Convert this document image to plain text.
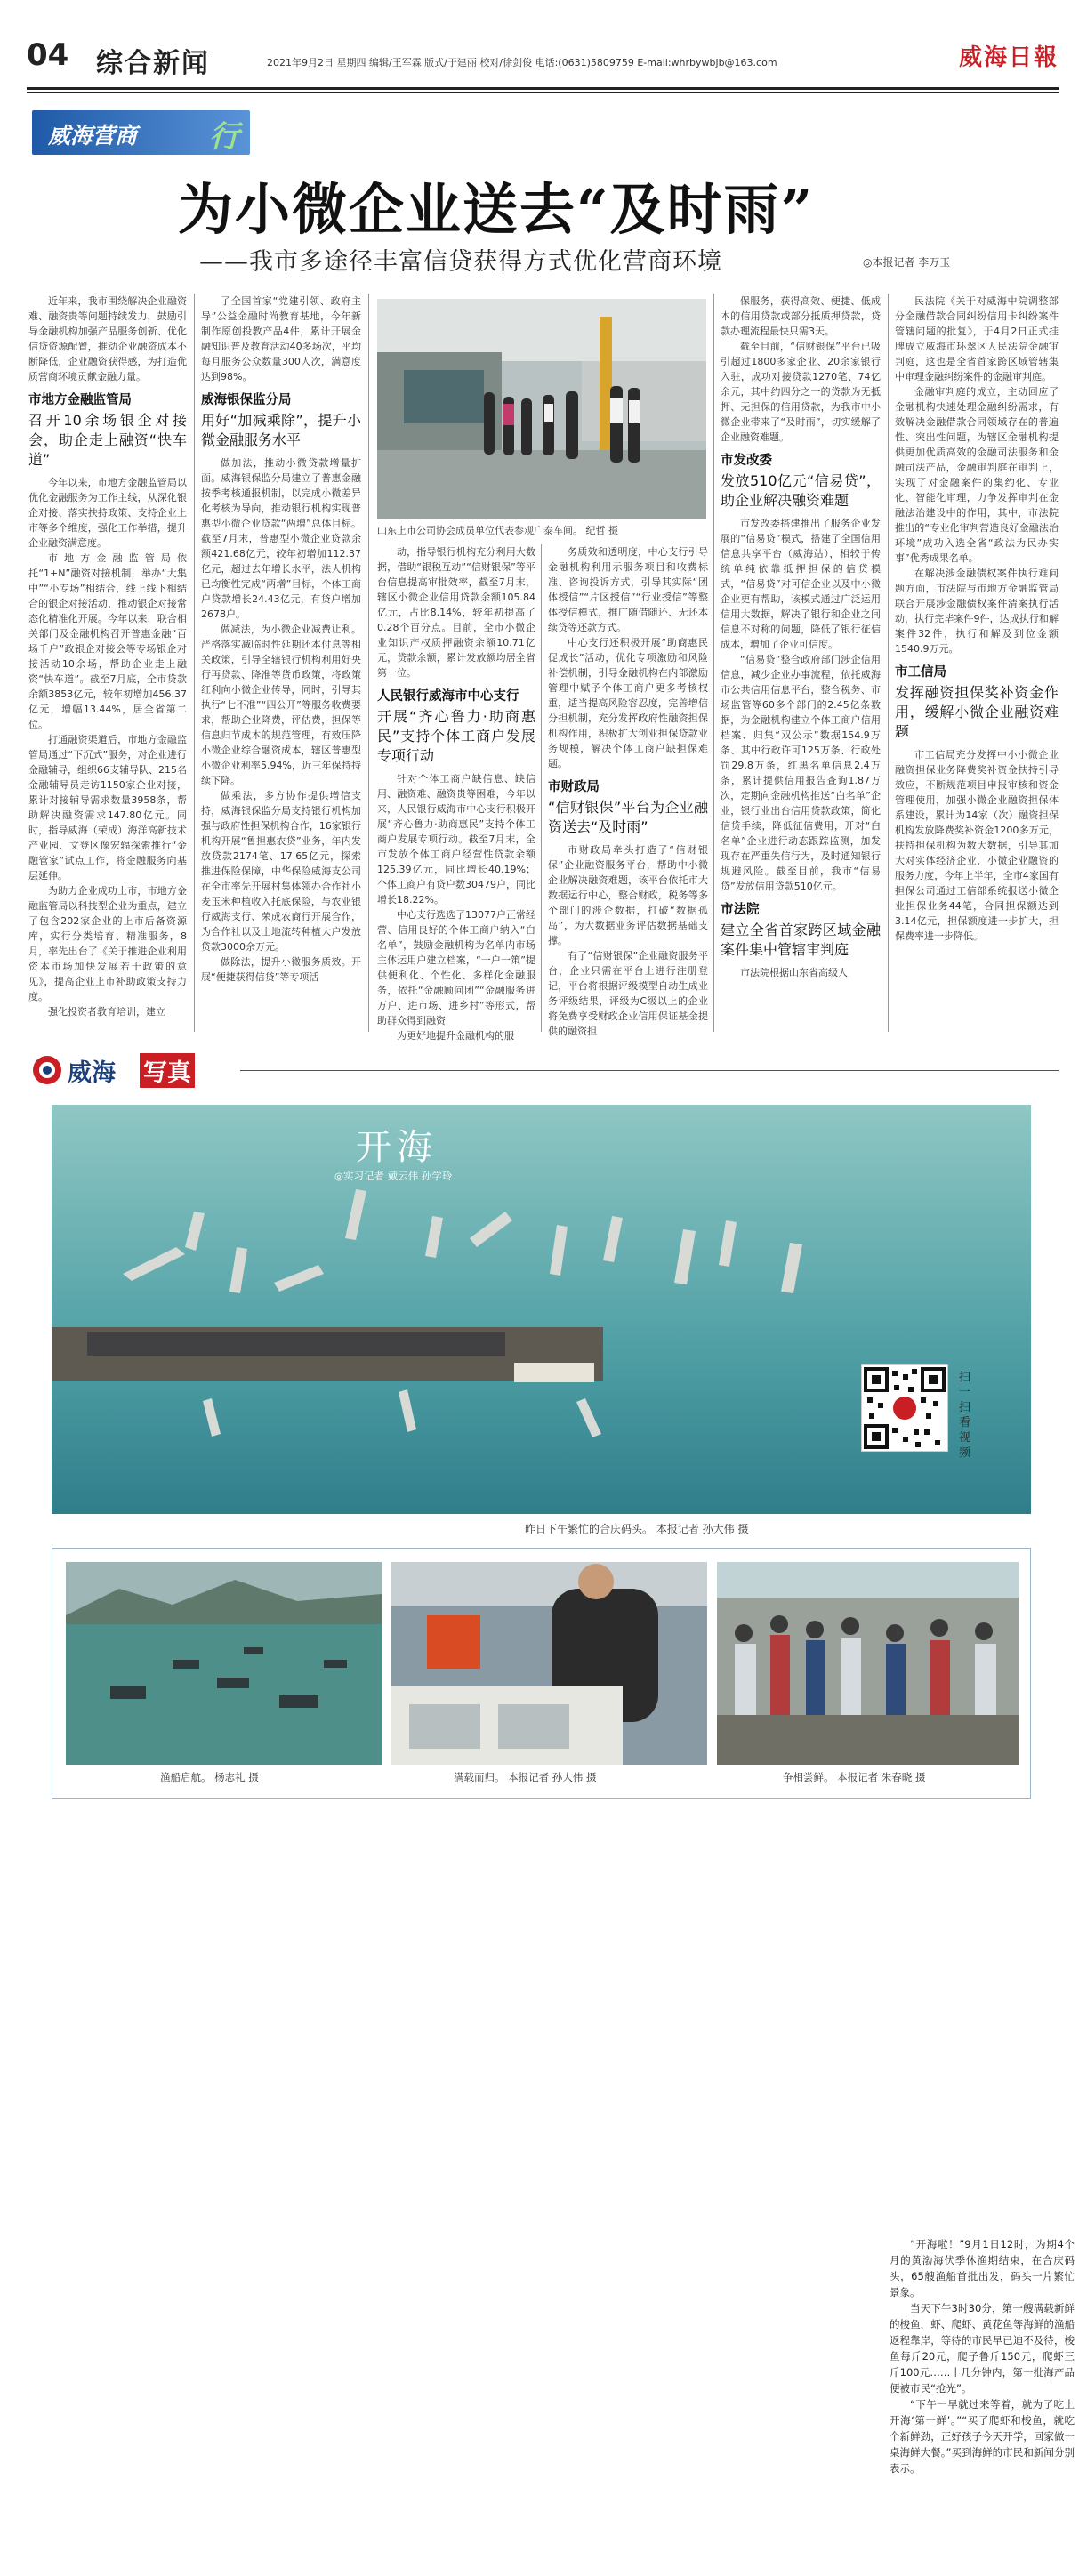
04 综合新闻	2021年9月2日 星期四 编辑/王军霖 版式/于建丽 校对/徐剑俊 电话:(0631)5809759 E-mail:whrbywbjb@163.com	威海日報
威海营商 行
为小微企业送去“及时雨”
——我市多途径丰富信贷获得方式优化营商环境	◎本报记者 李万玉

近年来，我市围绕解决企业融资难、融资贵等问题持续发力，鼓励引导金融机构加强产品服务创新、优化信贷资源配置，推动企业融资成本不断降低，企业融资获得感，为打造优质营商环境贡献金融力量。

市地方金融监管局
召开10余场银企对接会，助企走上融资“快车道”

今年以来，市地方金融监管局以优化金融服务为工作主线，从深化银企对接、落实扶持政策、支持企业上市等多个维度，强化工作举措，提升企业融资满意度。

市地方金融监管局依托“1+N”融资对接机制，举办“大集中”“小专场”相结合，线上线下相结合的银企对接活动，推动银企对接常态化精准化开展。今年以来，联合相关部门及金融机构召开普惠金融“百场千户”政银企对接会等专场银企对接活动10余场，帮助企业走上融资“快车道”。截至7月底，全市贷款余额3853亿元，较年初增加456.37亿元，增幅13.44%，居全省第二位。

打通融资渠道后，市地方金融监管局通过“下沉式”服务，对企业进行金融辅导，组织66支辅导队、215名金融辅导员走访1150家企业对接，累计对接辅导需求数量3958条，帮助解决融资需求147.80亿元。同时，指导威海（荣成）海洋高新技术产业园、文登区像宏辐探索推行“金融管家”试点工作，将金融服务向基层延伸。

为助力企业成功上市，市地方金融监管局以科技型企业为重点，建立了包含202家企业的上市后备资源库，实行分类培育、精准服务，8月，率先出台了《关于推进企业利用资本市场加快发展若干政策的意见》，提高企业上市补助政策支持力度。

强化投资者教育培训，建立

了全国首家“党建引领、政府主导”公益金融时尚教育基地，今年新制作原创投教产品4件，累计开展金融知识普及教育活动40多场次，平均每月服务公众数量300人次，满意度达到98%。

威海银保监分局
用好“加减乘除”，提升小微金融服务水平

做加法，推动小微贷款增量扩面。威海银保监分局建立了普惠金融按季考核通报机制，以完成小微差异化考核为导向，推动银行机构实现普惠型小微企业贷款“两增”总体目标。截至7月末，普惠型小微企业贷款余额421.68亿元，较年初增加112.37亿元，超过去年增长水平，法人机构已均衡性完成“两增”目标，个体工商户贷款增长24.43亿元，有贷户增加2678户。

做减法，为小微企业减费让利。严格落实减临时性延期还本付息等相关政策，引导全辖银行机构利用好央行再贷款、降准等货币政策，将政策红利向小微企业传导，同时，引导其执行“七不准”“四公开”等服务收费要求，帮助企业降费，评估费，担保等信息归节成本的规范管理，有效压降小微企业综合融资成本，辖区普惠型小微企业利率5.94%，近三年保持持续下降。

做乘法，多方协作提供增信支持，威海银保监分局支持银行机构加强与政府性担保机构合作，16家银行机构开展“鲁担惠农贷”业务，年内发放贷款2174笔、17.65亿元，探索推进保险保障，中华保险威海支公司在全市率先开展村集体领办合作社小麦玉米种植收入托底保险，与农业银行威海支行、荣成农商行开展合作，为合作社以及土地流转种植大户发放贷款3000余万元。

做除法，提升小微服务质效。开展“便捷获得信贷”等专项活

山东上市公司协会成员单位代表参观广泰车间。 纪哲 摄

动，指导银行机构充分利用大数据，借助“银税互动”“信财银保”等平台信息提高审批效率，截至7月末，辖区小微企业信用贷款余额105.84亿元，占比8.14%，较年初提高了0.28个百分点。目前，全市小微企业知识产权质押融资余额10.71亿元，贷款余额，累计发放额均居全省第一位。

人民银行威海市中心支行
开展“齐心鲁力·助商惠民”支持个体工商户发展专项行动

针对个体工商户缺信息、缺信用、融资难、融资贵等困难，今年以来，人民银行威海市中心支行积极开展“齐心鲁力·助商惠民”支持个体工商户发展专项行动。截至7月末，全市发放个体工商户经营性贷款余额125.39亿元，同比增长40.19%；个体工商户有贷户数30479户，同比增长18.22%。

中心支行选选了13077户正常经营、信用良好的个体工商户纳入“白名单”，鼓励金融机构为名单内市场主体运用户建立档案，“一户一策”提供便利化、个性化、多样化金融服务，依托“金融顾问团”“金融服务进万户、进市场、进乡村”等形式，帮助群众得到融资

为更好地提升金融机构的服

务质效和透明度，中心支行引导金融机构利用示服务项目和收费标准、咨询投诉方式，引导其实际“团体授信”“片区授信”“行业授信”等整体授信模式，推广随借随还、无还本续贷等还款方式。

中心支行还积极开展“助商惠民促成长”活动，优化专项激励和风险补偿机制，引导金融机构在内部激励管理中赋予个体工商户更多考核权重，适当提高风险容忍度，完善增信分担机制，充分发挥政府性融资担保机构作用，积极扩大创业担保贷款业务规模，解决个体工商户缺担保难题。

市财政局
“信财银保”平台为企业融资送去“及时雨”

市财政局牵头打造了“信财银保”企业融资服务平台，帮助中小微企业解决融资难题，该平台依托市大数据运行中心，整合财政，税务等多个部门的涉企数据，打破“数据孤岛”，为大数据业务评估数据基础支撑。

有了“信财银保”企业融资服务平台，企业只需在平台上进行注册登记，平台将根据评级模型自动生成业务评级结果，评级为C级以上的企业将免费享受财政企业信用保证基金提供的融资担

保服务，获得高效、便捷、低成本的信用贷款或部分抵质押贷款，贷款办理流程最快只需3天。

截至目前，“信财银保”平台已吸引超过1800多家企业、20余家银行入驻，成功对接贷款1270笔、74亿余元，其中约四分之一的贷款为无抵押、无担保的信用贷款，为我市中小微企业带来了“及时雨”，切实缓解了企业融资难题。

市发改委
发放510亿元“信易贷”，助企业解决融资难题

市发改委搭建推出了服务企业发展的“信易贷”模式，搭建了全国信用信息共享平台（威海站），相较于传统单纯依靠抵押担保的信贷模式，“信易贷”对可信企业以及中小微企业更有帮助，该模式通过广泛运用信用大数据，解决了银行和企业之间信息不对称的问题，降低了银行征信成本，增加了企业可信度。

“信易贷”整合政府部门涉企信用信息，减少企业办事流程，依托威海市公共信用信息平台，整合税务、市场监管等60多个部门的2.45亿条数据，为金融机构建立个体工商户信用档案、归集“双公示”数据154.9万条、其中行政许可125万条、行政处罚29.8万条，红黑名单信息2.4万条，累计提供信用报告查询1.87万次，定期向金融机构推送“白名单”企业，银行业出台信用贷款政策，简化信贷手续，降低征信费用，开对“白名单”企业进行动态跟踪监测，加发现存在严重失信行为，及时通知银行规避风险。截至目前，我市“信易贷”发放信用贷款510亿元。

市法院
建立全省首家跨区域金融案件集中管辖审判庭

市法院根据山东省高级人

民法院《关于对威海中院调整部分金融借款合同纠纷信用卡纠纷案件管辖问题的批复》，于4月2日正式挂牌成立威海市环翠区人民法院金融审判庭，这也是全省首家跨区域管辖集中审理金融纠纷案件的金融审判庭。

金融审判庭的成立，主动回应了金融机构快速处理金融纠纷需求，有效解决金融借款合同领域存在的普遍性、突出性问题，为辖区金融机构提供更加优质高效的金融司法服务和金融司法产品，金融审判庭在审判上，实现了对金融案件的集约化、专业化、智能化审理，力争发挥审判在金融法治建设中的作用，其中，市法院推出的“专业化审判营造良好金融法治环境”成功入选全省“政法为民办实事”优秀成果名单。

在解决涉金融债权案件执行难问题方面，市法院与市地方金融监管局联合开展涉金融债权案件清案执行活动，执行完毕案件9件，达成执行和解案件32件，执行和解及到位金额1540.9万元。

市工信局
发挥融资担保奖补资金作用，缓解小微企业融资难题

市工信局充分发挥中小小微企业融资担保业务降费奖补资金扶持引导效应，不断规范项目申报审核和资金管理使用，加强小微企业融资担保体系建设，累计为14家（次）融资担保机构发放降费奖补资金1200多万元，扶持担保机构为数大数据，引导其加大对实体经济企业，小微企业融资的服务力度，今年上半年，全市4家国有担保公司通过工信部系统报送小微企业担保业务44笔，合同担保额达到3.14亿元，担保额度进一步扩大，担保费率进一步降低。

威海 写真

“开海啦！”9月1日12时，为期4个月的黄渤海伏季休渔期结束，在合庆码头，65艘渔船首批出发，码头一片繁忙景象。

当天下午3时30分，第一艘满载新鲜的梭鱼，虾、爬虾、黄花鱼等海鲜的渔船返程靠岸，等待的市民早已迫不及待，梭鱼每斤20元，爬子鲁斤150元，爬虾三斤100元……十几分钟内，第一批海产品便被市民“抢光”。

“下午一早就过来等着，就为了吃上开海‘第一鲜’。”“买了爬虾和梭鱼，就吃个新鲜劲，正好孩子今天开学，回家做一桌海鲜大餐。”买到海鲜的市民和新闻分别表示。

开海
◎实习记者 戴云伟 孙学玲
扫一扫 看视频
昨日下午繁忙的合庆码头。 本报记者 孙大伟 摄
渔船启航。 杨志礼 摄	满载而归。 本报记者 孙大伟 摄	争相尝鲜。 本报记者 朱春晓 摄
